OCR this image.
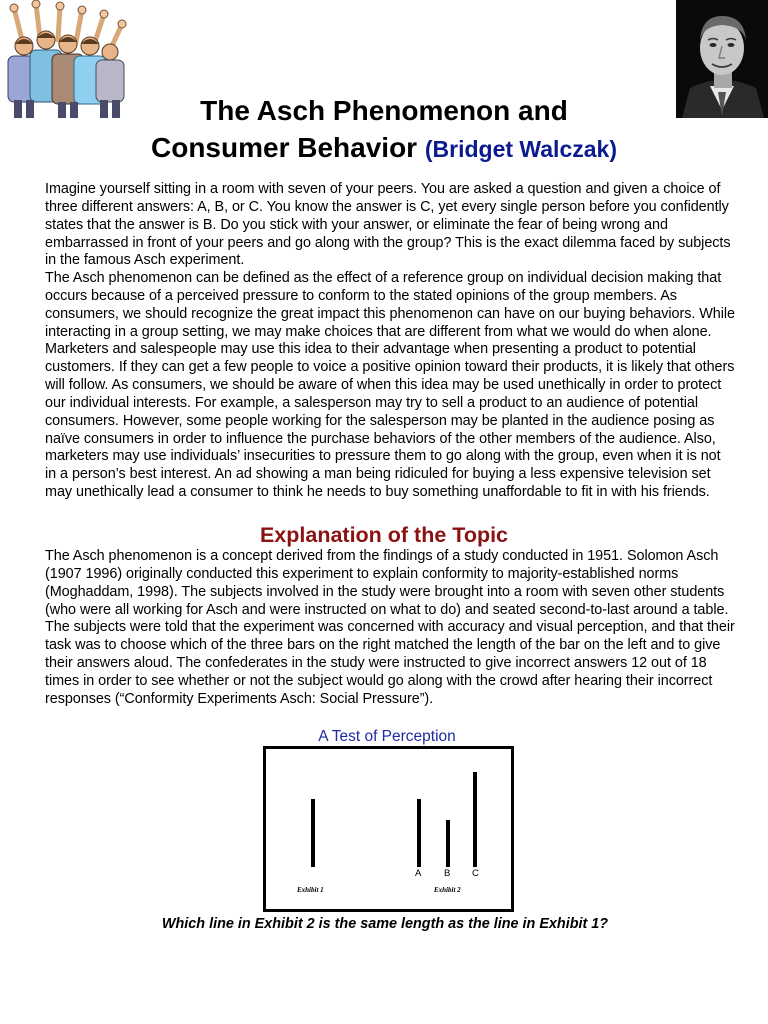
The Asch Phenomenon and
Consumer Behavior (Bridget Walczak)

Imagine yourself sitting in a room with seven of your peers. You are asked a question and given a choice of three different answers: A, B, or C. You know the answer is C, yet every single person before you confidently states that the answer is B. Do you stick with your answer, or eliminate the fear of being wrong and embarrassed in front of your peers and go along with the group? This is the exact dilemma faced by subjects in the famous Asch experiment.

The Asch phenomenon can be defined as the effect of a reference group on individual decision making that occurs because of a perceived pressure to conform to the stated opinions of the group members. As consumers, we should recognize the great impact this phenomenon can have on our buying behaviors. While interacting in a group setting, we may make choices that are different from what we would do when alone. Marketers and salespeople may use this idea to their advantage when presenting a product to potential customers. If they can get a few people to voice a positive opinion toward their products, it is likely that others will follow. As consumers, we should be aware of when this idea may be used unethically in order to protect our individual interests. For example, a salesperson may try to sell a product to an audience of potential consumers. However, some people working for the salesperson may be planted in the audience posing as naïve consumers in order to influence the purchase behaviors of the other members of the audience. Also, marketers may use individuals’ insecurities to pressure them to go along with the group, even when it is not in a person’s best interest. An ad showing a man being ridiculed for buying a less expensive television set may unethically lead a consumer to think he needs to buy something unaffordable to fit in with his friends.

Explanation of the Topic

The Asch phenomenon is a concept derived from the findings of a study conducted in 1951. Solomon Asch (1907 1996) originally conducted this experiment to explain conformity to majority-established norms (Moghaddam, 1998). The subjects involved in the study were brought into a room with seven other students (who were all working for Asch and were instructed on what to do) and seated second-to-last around a table. The subjects were told that the experiment was concerned with accuracy and visual perception, and that their task was to choose which of the three bars on the right matched the length of the bar on the left and to give their answers aloud. The confederates in the study were instructed to give incorrect answers 12 out of 18 times in order to see whether or not the subject would go along with the crowd after hearing their incorrect responses (“Conformity Experiments Asch: Social Pressure”).

A Test of Perception
A B C
Exhibit 1	Exhibit 2

Which line in Exhibit 2 is the same length as the line in Exhibit 1?
